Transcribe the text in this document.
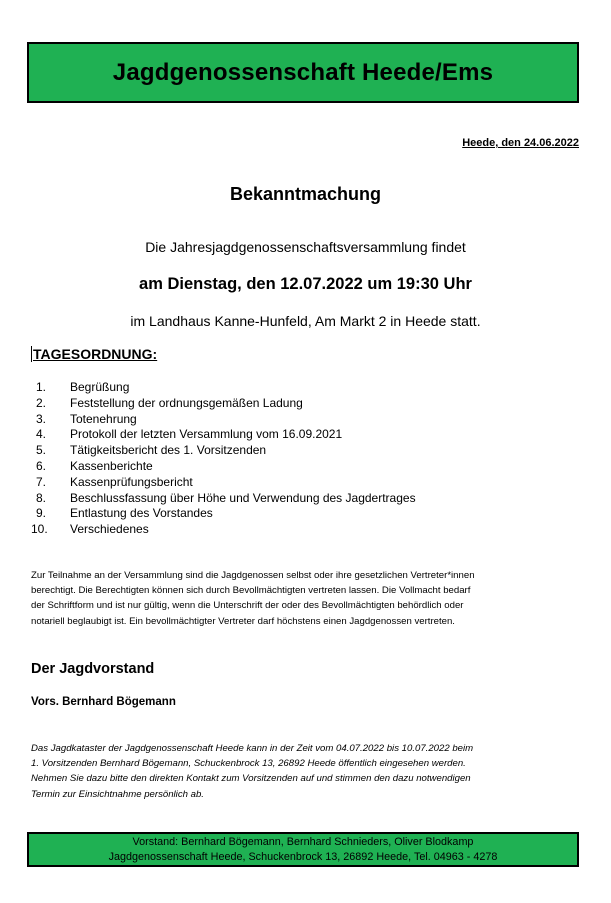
Jagdgenossenschaft Heede/Ems
Heede, den 24.06.2022
Bekanntmachung
Die Jahresjagdgenossenschaftsversammlung findet
am Dienstag, den 12.07.2022 um 19:30 Uhr
im Landhaus Kanne-Hunfeld, Am Markt 2 in Heede statt.
TAGESORDNUNG:
1.	Begrüßung
2.	Feststellung der ordnungsgemäßen Ladung
3.	Totenehrung
4.	Protokoll der letzten Versammlung vom 16.09.2021
5.	Tätigkeitsbericht des 1. Vorsitzenden
6.	Kassenberichte
7.	Kassenprüfungsbericht
8.	Beschlussfassung über Höhe und Verwendung des Jagdertrages
9.	Entlastung des Vorstandes
10.	Verschiedenes
Zur Teilnahme an der Versammlung sind die Jagdgenossen selbst oder ihre gesetzlichen Vertreter*innen
berechtigt. Die Berechtigten können sich durch Bevollmächtigten vertreten lassen. Die Vollmacht bedarf
der Schriftform und ist nur gültig, wenn die Unterschrift der oder des Bevollmächtigten behördlich oder
notariell beglaubigt ist. Ein bevollmächtigter Vertreter darf höchstens einen Jagdgenossen vertreten.
Der Jagdvorstand
Vors. Bernhard Bögemann
Das Jagdkataster der Jagdgenossenschaft Heede kann in der Zeit vom 04.07.2022 bis 10.07.2022 beim
1. Vorsitzenden Bernhard Bögemann, Schuckenbrock 13, 26892 Heede öffentlich eingesehen werden.
Nehmen Sie dazu bitte den direkten Kontakt zum Vorsitzenden auf und stimmen den dazu notwendigen
Termin zur Einsichtnahme persönlich ab.
Vorstand: Bernhard Bögemann, Bernhard Schnieders, Oliver Blodkamp
Jagdgenossenschaft Heede, Schuckenbrock 13, 26892 Heede, Tel. 04963 - 4278
